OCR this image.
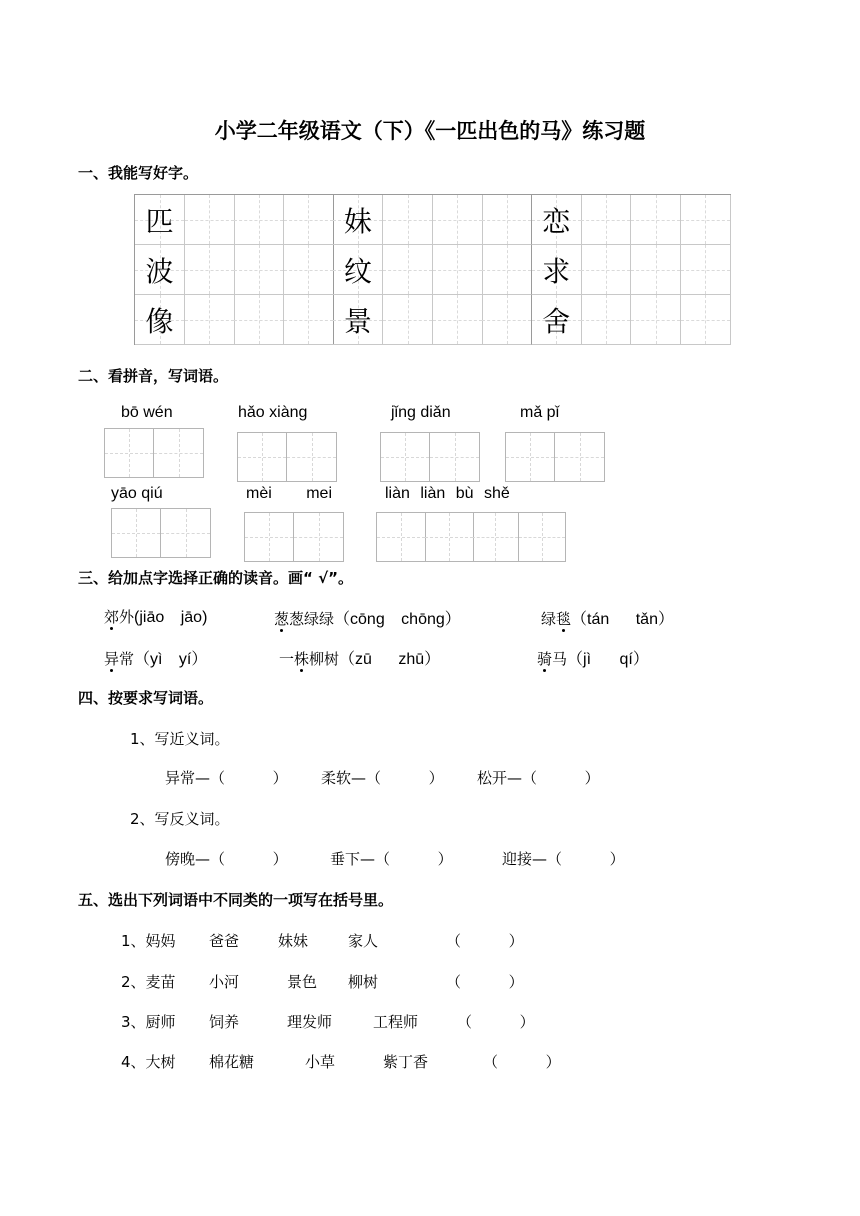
小学二年级语文（下）《一匹出色的马》练习题
一、我能写好字。
匹	妹	恋
波	纹	求
像	景	舍
二、看拼音，写词语。
bō wén	hǎo xiàng	jǐng diǎn	mǎ pǐ
yāo qiú	mèi mei	liàn liàn bù shě
三、给加点字选择正确的读音。画“ √”。
郊外(jiāo jāo)	葱葱绿绿（cōng chōng）	绿毯（tán tǎn）
异常（yì yí）	一株柳树（zū zhū）	骑马（jì qí）
四、按要求写词语。
1、写近义词。
异常—（          ） 柔软—（          ） 松开—（          ）
2、写反义词。
傍晚—（          ）	垂下—（          ）	迎接—（          ）
五、选出下列词语中不同类的一项写在括号里。
1、妈妈 爸爸	妹妹	家人	（          ）
2、麦苗 小河	景色 柳树	（          ）
3、厨师 饲养	理发师	工程师	（          ）
4、大树 棉花糖	小草	紫丁香	（          ）
